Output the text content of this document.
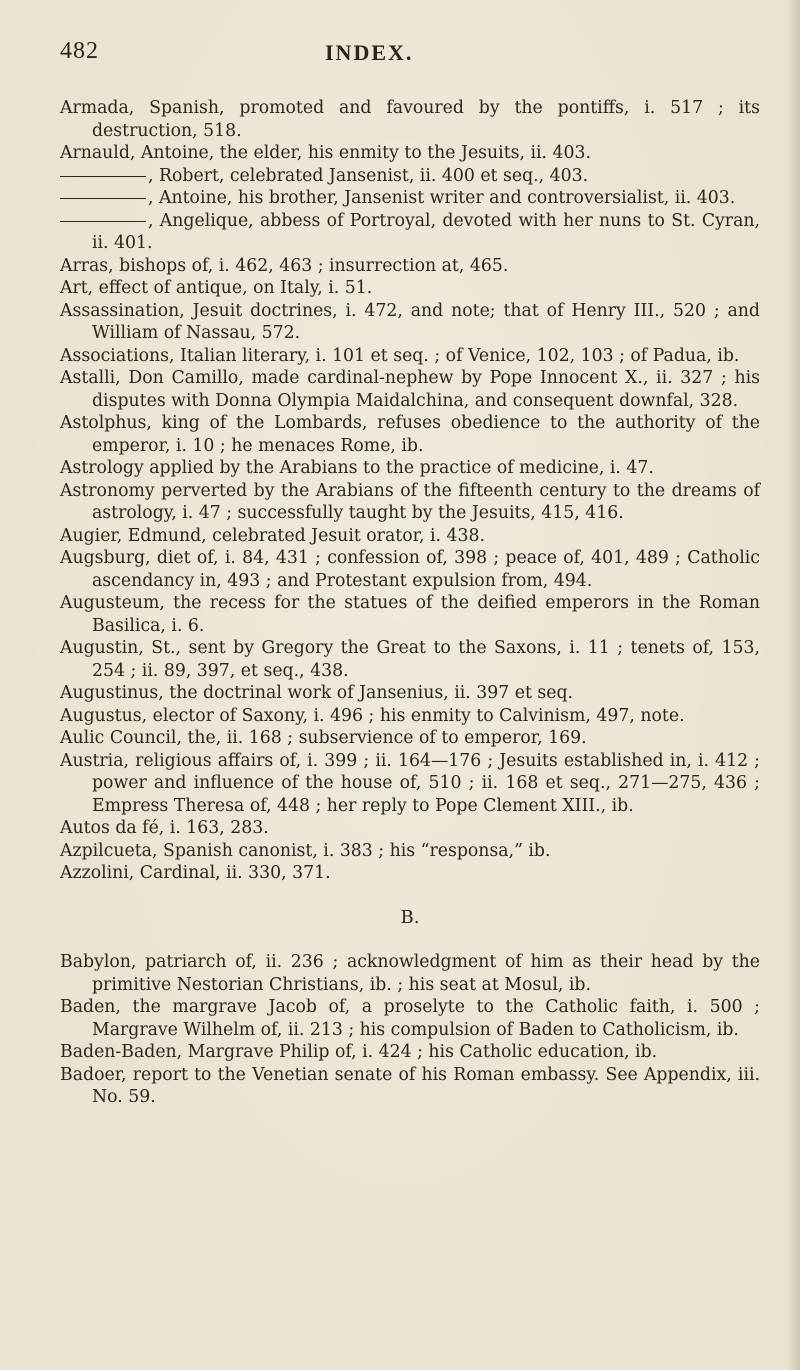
482	INDEX.

Armada, Spanish, promoted and favoured by the pontiffs, i. 517 ; its destruction, 518.

Arnauld, Antoine, the elder, his enmity to the Jesuits, ii. 403.

, Robert, celebrated Jansenist, ii. 400 et seq., 403.

, Antoine, his brother, Jansenist writer and controversialist, ii. 403.

, Angelique, abbess of Portroyal, devoted with her nuns to St. Cyran, ii. 401.

Arras, bishops of, i. 462, 463 ; insurrection at, 465.

Art, effect of antique, on Italy, i. 51.

Assassination, Jesuit doctrines, i. 472, and note; that of Henry III., 520 ; and William of Nassau, 572.

Associations, Italian literary, i. 101 et seq. ; of Venice, 102, 103 ; of Padua, ib.

Astalli, Don Camillo, made cardinal-nephew by Pope Innocent X., ii. 327 ; his disputes with Donna Olympia Maidalchina, and consequent downfal, 328.

Astolphus, king of the Lombards, refuses obedience to the authority of the emperor, i. 10 ; he menaces Rome, ib.

Astrology applied by the Arabians to the practice of medicine, i. 47.

Astronomy perverted by the Arabians of the fifteenth century to the dreams of astrology, i. 47 ; successfully taught by the Jesuits, 415, 416.

Augier, Edmund, celebrated Jesuit orator, i. 438.

Augsburg, diet of, i. 84, 431 ; confession of, 398 ; peace of, 401, 489 ; Catholic ascendancy in, 493 ; and Protestant expulsion from, 494.

Augusteum, the recess for the statues of the deified emperors in the Roman Basilica, i. 6.

Augustin, St., sent by Gregory the Great to the Saxons, i. 11 ; tenets of, 153, 254 ; ii. 89, 397, et seq., 438.

Augustinus, the doctrinal work of Jansenius, ii. 397 et seq.

Augustus, elector of Saxony, i. 496 ; his enmity to Calvinism, 497, note.

Aulic Council, the, ii. 168 ; subservience of to emperor, 169.

Austria, religious affairs of, i. 399 ; ii. 164—176 ; Jesuits established in, i. 412 ; power and influence of the house of, 510 ; ii. 168 et seq., 271—275, 436 ; Empress Theresa of, 448 ; her reply to Pope Clement XIII., ib.

Autos da fé, i. 163, 283.

Azpilcueta, Spanish canonist, i. 383 ; his “responsa,” ib.

Azzolini, Cardinal, ii. 330, 371.

B.

Babylon, patriarch of, ii. 236 ; acknowledgment of him as their head by the primitive Nestorian Christians, ib. ; his seat at Mosul, ib.

Baden, the margrave Jacob of, a proselyte to the Catholic faith, i. 500 ; Margrave Wilhelm of, ii. 213 ; his compulsion of Baden to Catholicism, ib.

Baden-Baden, Margrave Philip of, i. 424 ; his Catholic education, ib.

Badoer, report to the Venetian senate of his Roman embassy. See Appendix, iii. No. 59.
